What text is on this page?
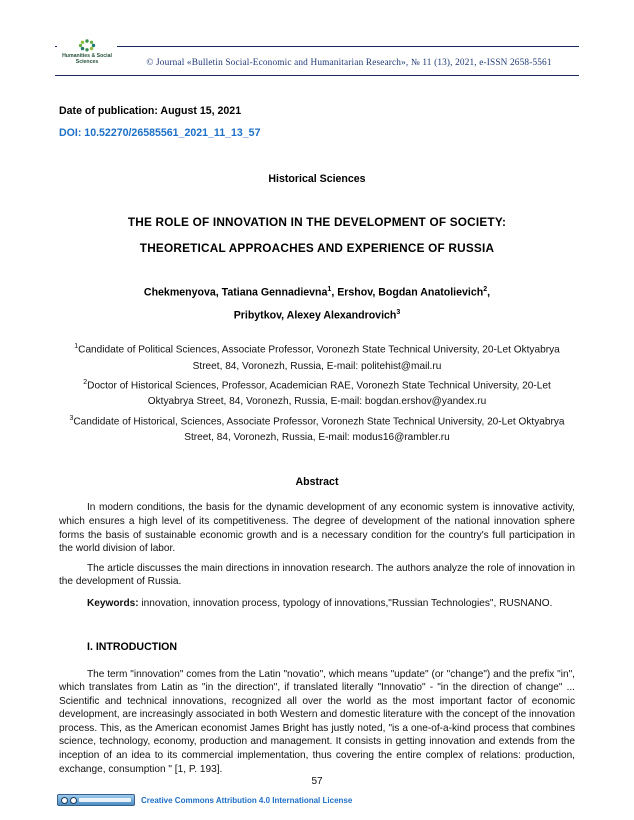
© Journal «Bulletin Social-Economic and Humanitarian Research», № 11 (13), 2021, e-ISSN 2658-5561
Humanities & Social
Sciences

Date of publication: August 15, 2021

DOI: 10.52270/26585561_2021_11_13_57

Historical Sciences
THE ROLE OF INNOVATION IN THE DEVELOPMENT OF SOCIETY:
THEORETICAL APPROACHES AND EXPERIENCE OF RUSSIA
Chekmenyova, Tatiana Gennadievna$^1$, Ershov, Bogdan Anatolievich$^2$,
Pribytkov, Alexey Alexandrovich$^3$

$^1$Candidate of Political Sciences, Associate Professor, Voronezh State Technical University, 20-Let Oktyabrya Street, 84, Voronezh, Russia, E-mail: politehist@mail.ru

$^2$Doctor of Historical Sciences, Professor, Academician RAE, Voronezh State Technical University, 20-Let Oktyabrya Street, 84, Voronezh, Russia, E-mail: bogdan.ershov@yandex.ru

$^3$Candidate of Historical, Sciences, Associate Professor, Voronezh State Technical University, 20-Let Oktyabrya Street, 84, Voronezh, Russia, E-mail: modus16@rambler.ru

Abstract

In modern conditions, the basis for the dynamic development of any economic system is innovative activity, which ensures a high level of its competitiveness. The degree of development of the national innovation sphere forms the basis of sustainable economic growth and is a necessary condition for the country's full participation in the world division of labor.

The article discusses the main directions in innovation research. The authors analyze the role of innovation in the development of Russia.

Keywords: innovation, innovation process, typology of innovations,"Russian Technologies", RUSNANO.

I. INTRODUCTION

The term "innovation" comes from the Latin "novatio", which means "update" (or "change") and the prefix "in", which translates from Latin as "in the direction", if translated literally "Innovatio" - "in the direction of change" ... Scientific and technical innovations, recognized all over the world as the most important factor of economic development, are increasingly associated in both Western and domestic literature with the concept of the innovation process. This, as the American economist James Bright has justly noted, "is a one-of-a-kind process that combines science, technology, economy, production and management. It consists in getting innovation and extends from the inception of an idea to its commercial implementation, thus covering the entire complex of relations: production, exchange, consumption " [1, P. 193].

57
Creative Commons Attribution 4.0 International License
